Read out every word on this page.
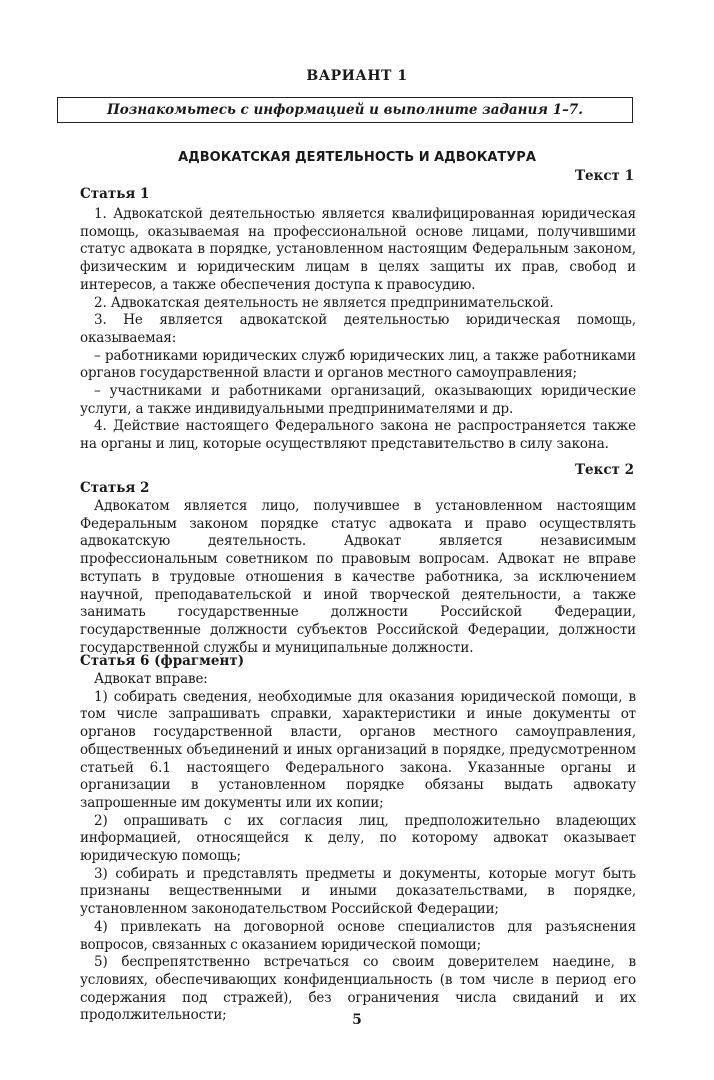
ВАРИАНТ 1
Познакомьтесь с информацией и выполните задания 1–7.
АДВОКАТСКАЯ ДЕЯТЕЛЬНОСТЬ И АДВОКАТУРА
Текст 1
Статья 1

1. Адвокатской деятельностью является квалифицированная юридическая помощь, оказываемая на профессиональной основе лицами, получившими статус адвоката в порядке, установленном настоящим Федеральным законом, физическим и юридическим лицам в целях защиты их прав, свобод и интересов, а также обеспечения доступа к правосудию.

2. Адвокатская деятельность не является предпринимательской.

3. Не является адвокатской деятельностью юридическая помощь, оказываемая:

– работниками юридических служб юридических лиц, а также работниками органов государственной власти и органов местного самоуправления;

– участниками и работниками организаций, оказывающих юридические услуги, а также индивидуальными предпринимателями и др.

4. Действие настоящего Федерального закона не распространяется также на органы и лиц, которые осуществляют представительство в силу закона.

Текст 2
Статья 2

Адвокатом является лицо, получившее в установленном настоящим Федеральным законом порядке статус адвоката и право осуществлять адвокатскую деятельность. Адвокат является независимым профессиональным советником по правовым вопросам. Адвокат не вправе вступать в трудовые отношения в качестве работника, за исключением научной, преподавательской и иной творческой деятельности, а также занимать государственные должности Российской Федерации, государственные должности субъектов Российской Федерации, должности государственной службы и муниципальные должности.

Статья 6 (фрагмент)

Адвокат вправе:

1) собирать сведения, необходимые для оказания юридической помощи, в том числе запрашивать справки, характеристики и иные документы от органов государственной власти, органов местного самоуправления, общественных объединений и иных организаций в порядке, предусмотренном статьей 6.1 настоящего Федерального закона. Указанные органы и организации в установленном порядке обязаны выдать адвокату запрошенные им документы или их копии;

2) опрашивать с их согласия лиц, предположительно владеющих информацией, относящейся к делу, по которому адвокат оказывает юридическую помощь;

3) собирать и представлять предметы и документы, которые могут быть признаны вещественными и иными доказательствами, в порядке, установленном законодательством Российской Федерации;

4) привлекать на договорной основе специалистов для разъяснения вопросов, связанных с оказанием юридической помощи;

5) беспрепятственно встречаться со своим доверителем наедине, в условиях, обеспечивающих конфиденциальность (в том числе в период его содержания под стражей), без ограничения числа свиданий и их продолжительности;	5
